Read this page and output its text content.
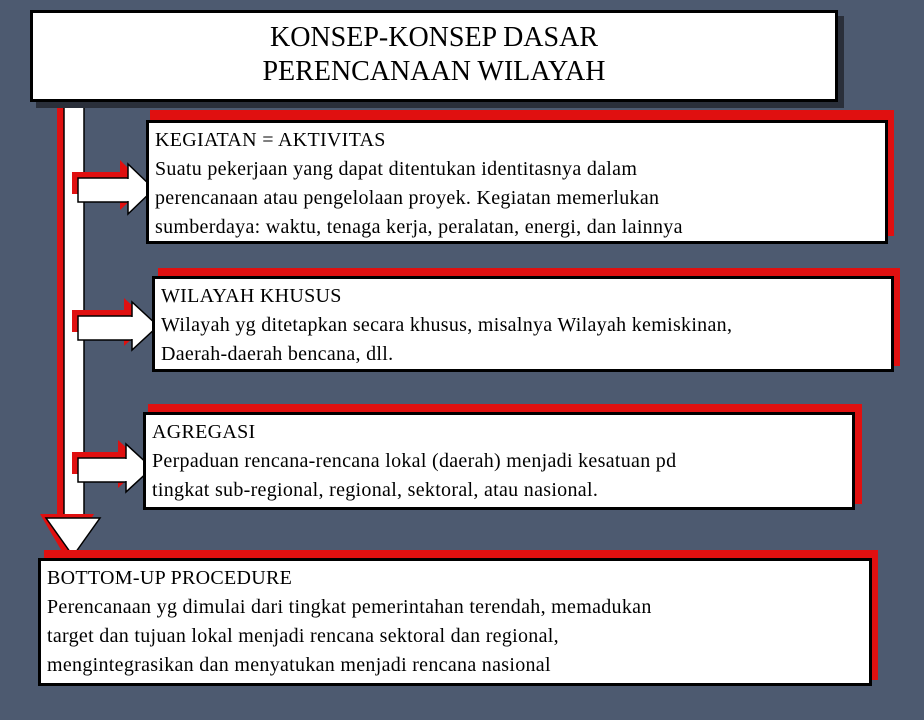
KONSEP-KONSEP DASAR
PERENCANAAN WILAYAH
KEGIATAN = AKTIVITAS
Suatu pekerjaan yang dapat ditentukan identitasnya dalam
perencanaan atau pengelolaan proyek. Kegiatan memerlukan
sumberdaya: waktu, tenaga kerja, peralatan, energi, dan lainnya
WILAYAH KHUSUS
Wilayah yg ditetapkan secara khusus, misalnya Wilayah kemiskinan,
Daerah-daerah bencana, dll.
AGREGASI
Perpaduan rencana-rencana lokal (daerah) menjadi kesatuan pd
tingkat sub-regional, regional, sektoral, atau nasional.
BOTTOM-UP PROCEDURE
Perencanaan yg dimulai dari tingkat pemerintahan terendah, memadukan
target dan tujuan lokal menjadi rencana sektoral dan regional,
mengintegrasikan dan menyatukan menjadi rencana nasional
